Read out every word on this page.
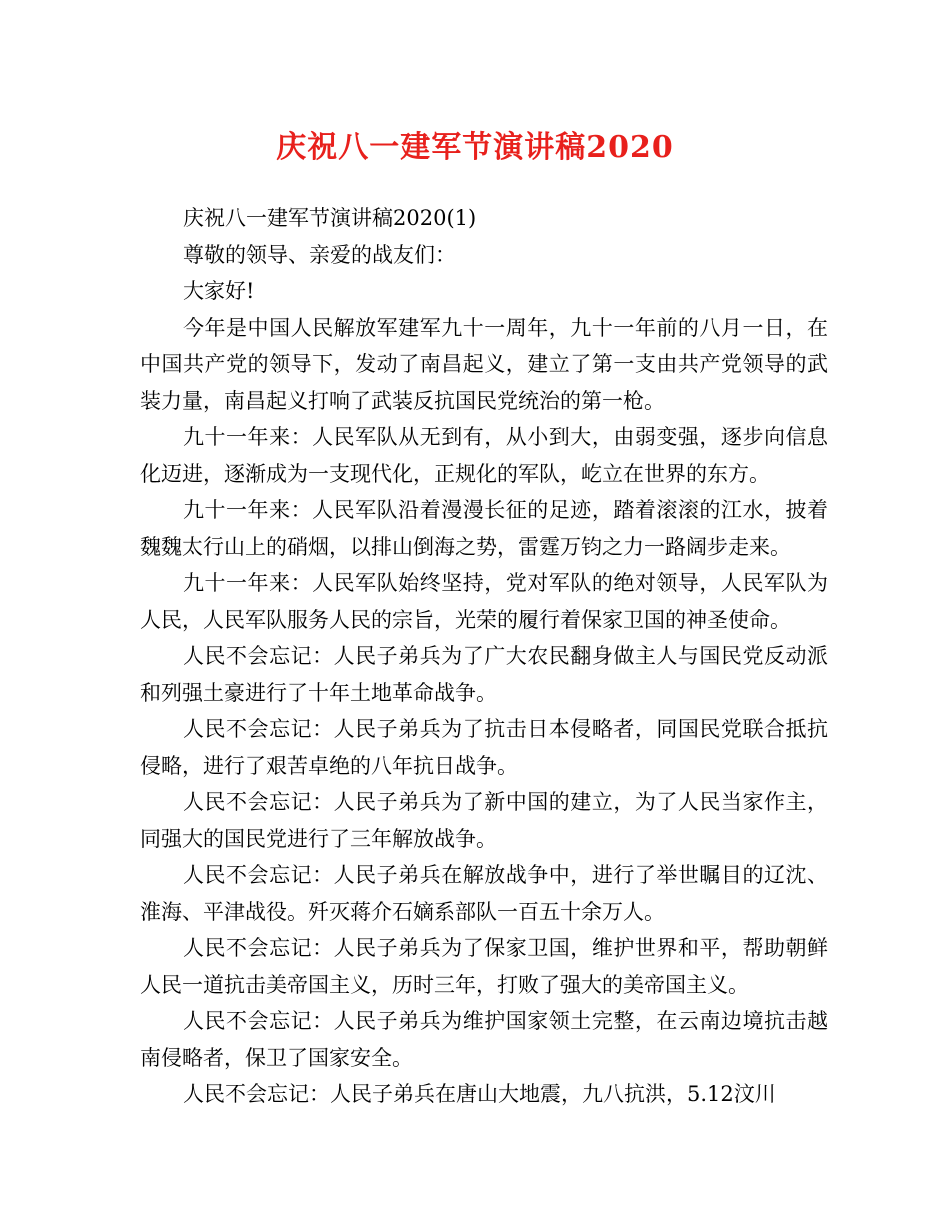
庆祝八一建军节演讲稿2020

庆祝八一建军节演讲稿2020(1)

尊敬的领导、亲爱的战友们：

大家好!

今年是中国人民解放军建军九十一周年，九十一年前的八月一日，在中国共产党的领导下，发动了南昌起义，建立了第一支由共产党领导的武装力量，南昌起义打响了武装反抗国民党统治的第一枪。

九十一年来：人民军队从无到有，从小到大，由弱变强，逐步向信息化迈进，逐渐成为一支现代化，正规化的军队，屹立在世界的东方。

九十一年来：人民军队沿着漫漫长征的足迹，踏着滚滚的江水，披着魏魏太行山上的硝烟，以排山倒海之势，雷霆万钧之力一路阔步走来。

九十一年来：人民军队始终坚持，党对军队的绝对领导，人民军队为人民，人民军队服务人民的宗旨，光荣的履行着保家卫国的神圣使命。

人民不会忘记：人民子弟兵为了广大农民翻身做主人与国民党反动派和列强土豪进行了十年土地革命战争。

人民不会忘记：人民子弟兵为了抗击日本侵略者，同国民党联合抵抗侵略，进行了艰苦卓绝的八年抗日战争。

人民不会忘记：人民子弟兵为了新中国的建立，为了人民当家作主，同强大的国民党进行了三年解放战争。

人民不会忘记：人民子弟兵在解放战争中，进行了举世瞩目的辽沈、淮海、平津战役。歼灭蒋介石嫡系部队一百五十余万人。

人民不会忘记：人民子弟兵为了保家卫国，维护世界和平，帮助朝鲜人民一道抗击美帝国主义，历时三年，打败了强大的美帝国主义。

人民不会忘记：人民子弟兵为维护国家领土完整，在云南边境抗击越南侵略者，保卫了国家安全。

人民不会忘记：人民子弟兵在唐山大地震，九八抗洪，5.12汶川
